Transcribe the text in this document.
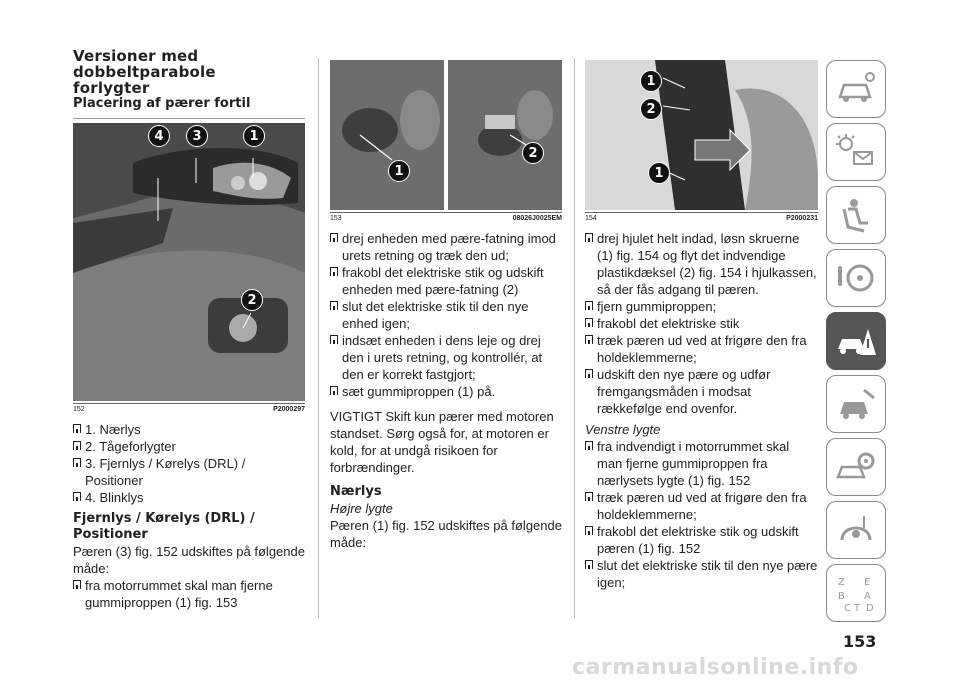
Versioner med
dobbeltparabole
forlygter
Placering af pærer fortil
4	3	1
2
152	P2000297
1. Nærlys
2. Tågeforlygter
3. Fjernlys / Kørelys (DRL) / Positioner
4. Blinklys
Fjernlys / Kørelys (DRL) / Positioner

Pæren (3) fig. 152 udskiftes på følgende måde:

fra motorrummet skal man fjerne gummiproppen (1) fig. 153
1
2
153	08026J0025EM
drej enheden med pære-fatning imod urets retning og træk den ud;
frakobl det elektriske stik og udskift enheden med pære-fatning (2)
slut det elektriske stik til den nye enhed igen;
indsæt enheden i dens leje og drej den i urets retning, og kontrollér, at den er korrekt fastgjort;
sæt gummiproppen (1) på.

VIGTIGT Skift kun pærer med motoren standset. Sørg også for, at motoren er kold, for at undgå risikoen for forbrændinger.

Nærlys
Højre lygte

Pæren (1) fig. 152 udskiftes på følgende måde:

1
2
1
154	P2000231
drej hjulet helt indad, løsn skruerne (1) fig. 154 og flyt det indvendige plastikdæksel (2) fig. 154 i hjulkassen, så der fås adgang til pæren.
fjern gummiproppen;
frakobl det elektriske stik
træk pæren ud ved at frigøre den fra holdeklemmerne;
udskift den nye pære og udfør fremgangsmåden i modsat rækkefølge end ovenfor.
Venstre lygte
fra indvendigt i motorrummet skal man fjerne gummiproppen fra nærlysets lygte (1) fig. 152
træk pæren ud ved at frigøre den fra holdeklemmerne;
frakobl det elektriske stik og udskift pæren (1) fig. 152
slut det elektriske stik til den nye pære igen;	Z E
B A
C T D
153
carmanualsonline.info
